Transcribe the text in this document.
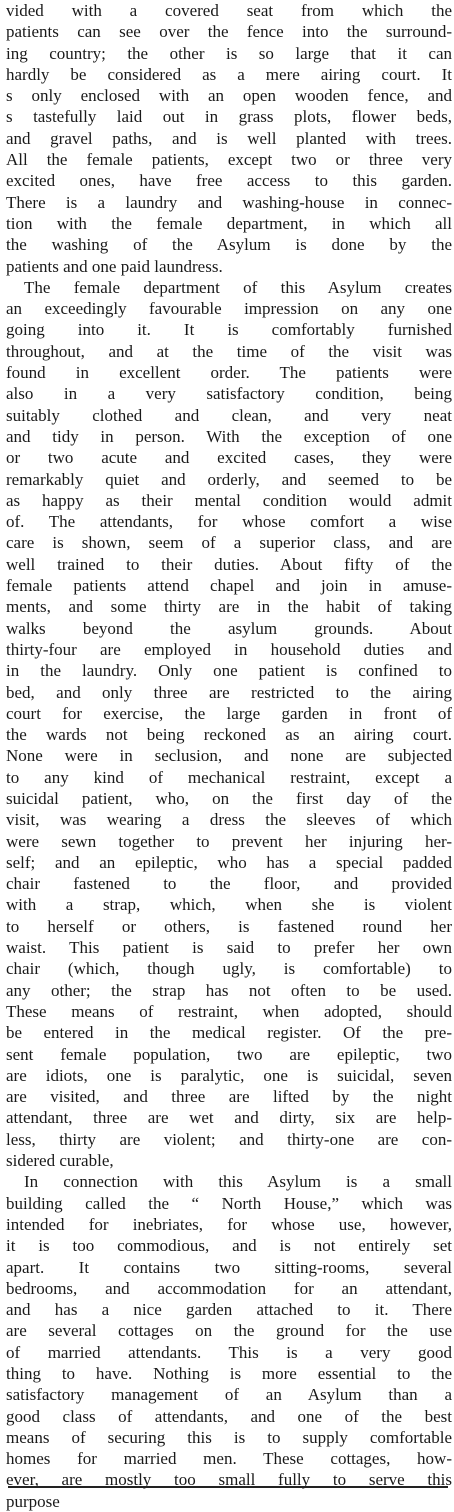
vided with a covered seat from which the
patients can see over the fence into the surround-
ing country; the other is so large that it can
hardly be considered as a mere airing court. It
s only enclosed with an open wooden fence, and
s tastefully laid out in grass plots, flower beds,
and gravel paths, and is well planted with trees.
All the female patients, except two or three very
excited ones, have free access to this garden.
There is a laundry and washing-house in connec-
tion with the female department, in which all
the washing of the Asylum is done by the
patients and one paid laundress.
The female department of this Asylum creates
an exceedingly favourable impression on any one
going into it. It is comfortably furnished
throughout, and at the time of the visit was
found in excellent order. The patients were
also in a very satisfactory condition, being
suitably clothed and clean, and very neat
and tidy in person. With the exception of one
or two acute and excited cases, they were
remarkably quiet and orderly, and seemed to be
as happy as their mental condition would admit
of. The attendants, for whose comfort a wise
care is shown, seem of a superior class, and are
well trained to their duties. About fifty of the
female patients attend chapel and join in amuse-
ments, and some thirty are in the habit of taking
walks beyond the asylum grounds. About
thirty-four are employed in household duties and
in the laundry. Only one patient is confined to
bed, and only three are restricted to the airing
court for exercise, the large garden in front of
the wards not being reckoned as an airing court.
None were in seclusion, and none are subjected
to any kind of mechanical restraint, except a
suicidal patient, who, on the first day of the
visit, was wearing a dress the sleeves of which
were sewn together to prevent her injuring her-
self; and an epileptic, who has a special padded
chair fastened to the floor, and provided
with a strap, which, when she is violent
to herself or others, is fastened round her
waist. This patient is said to prefer her own
chair (which, though ugly, is comfortable) to
any other; the strap has not often to be used.
These means of restraint, when adopted, should
be entered in the medical register. Of the pre-
sent female population, two are epileptic, two
are idiots, one is paralytic, one is suicidal, seven
are visited, and three are lifted by the night
attendant, three are wet and dirty, six are help-
less, thirty are violent; and thirty-one are con-
sidered curable,
In connection with this Asylum is a small
building called the “ North House,” which was
intended for inebriates, for whose use, however,
it is too commodious, and is not entirely set
apart. It contains two sitting-rooms, several
bedrooms, and accommodation for an attendant,
and has a nice garden attached to it. There
are several cottages on the ground for the use
of married attendants. This is a very good
thing to have. Nothing is more essential to the
satisfactory management of an Asylum than a
good class of attendants, and one of the best
means of securing this is to supply comfortable
homes for married men. These cottages, how-
ever, are mostly too small fully to serve this
purpose
